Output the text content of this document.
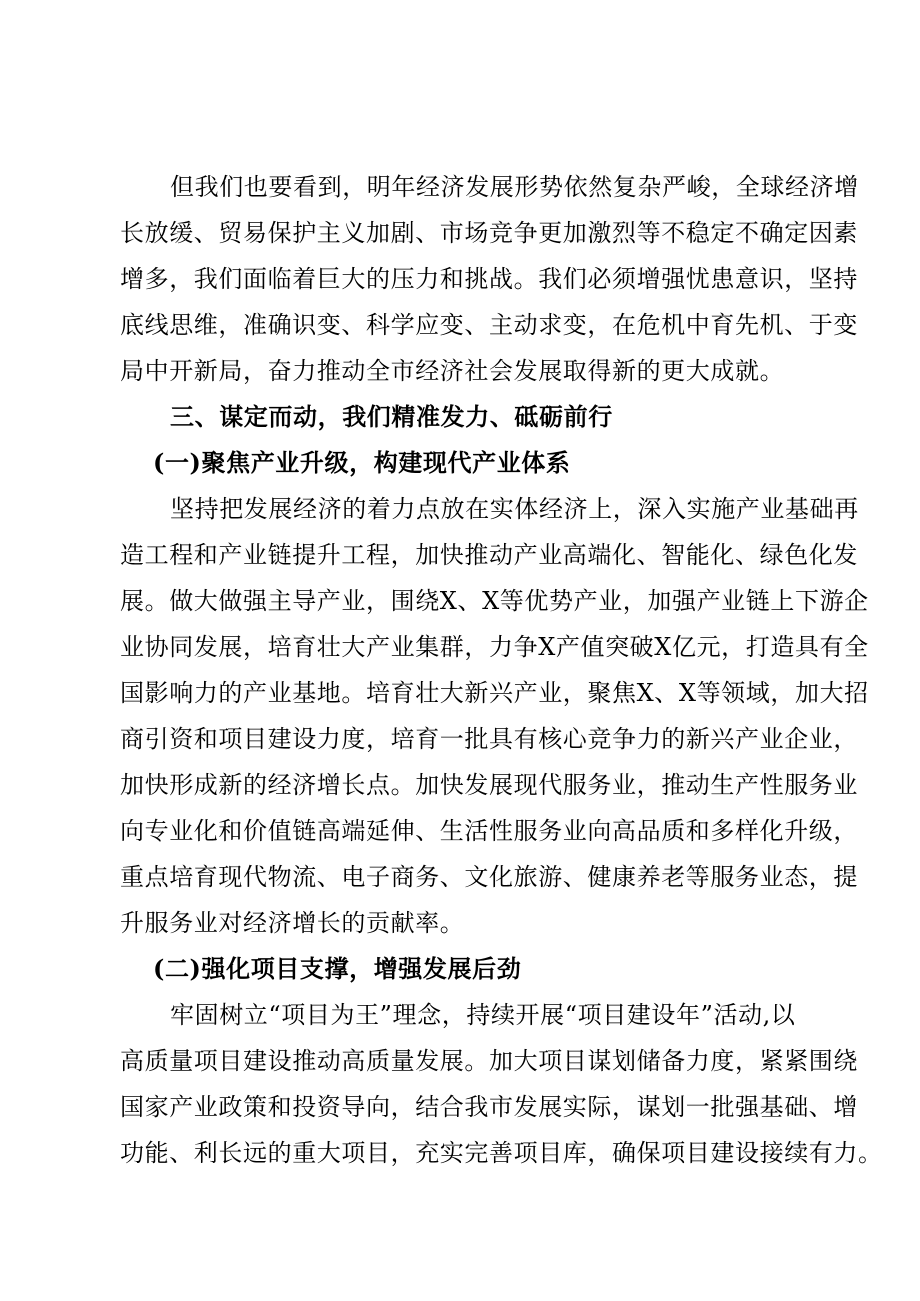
但我们也要看到，明年经济发展形势依然复杂严峻，全球经济增
长放缓、贸易保护主义加剧、市场竞争更加激烈等不稳定不确定因素
增多，我们面临着巨大的压力和挑战。我们必须增强忧患意识，坚持
底线思维，准确识变、科学应变、主动求变，在危机中育先机、于变
局中开新局，奋力推动全市经济社会发展取得新的更大成就。
三、谋定而动，我们精准发力、砥砺前行
(一)聚焦产业升级，构建现代产业体系
坚持把发展经济的着力点放在实体经济上，深入实施产业基础再
造工程和产业链提升工程，加快推动产业高端化、智能化、绿色化发
展。做大做强主导产业，围绕X、X等优势产业，加强产业链上下游企
业协同发展，培育壮大产业集群，力争X产值突破X亿元，打造具有全
国影响力的产业基地。培育壮大新兴产业，聚焦X、X等领域，加大招
商引资和项目建设力度，培育一批具有核心竞争力的新兴产业企业，
加快形成新的经济增长点。加快发展现代服务业，推动生产性服务业
向专业化和价值链高端延伸、生活性服务业向高品质和多样化升级，
重点培育现代物流、电子商务、文化旅游、健康养老等服务业态，提
升服务业对经济增长的贡献率。
(二)强化项目支撑，增强发展后劲
牢固树立“项目为王”理念，持续开展“项目建设年”活动,以
高质量项目建设推动高质量发展。加大项目谋划储备力度，紧紧围绕
国家产业政策和投资导向，结合我市发展实际，谋划一批强基础、增
功能、利长远的重大项目，充实完善项目库，确保项目建设接续有力。
